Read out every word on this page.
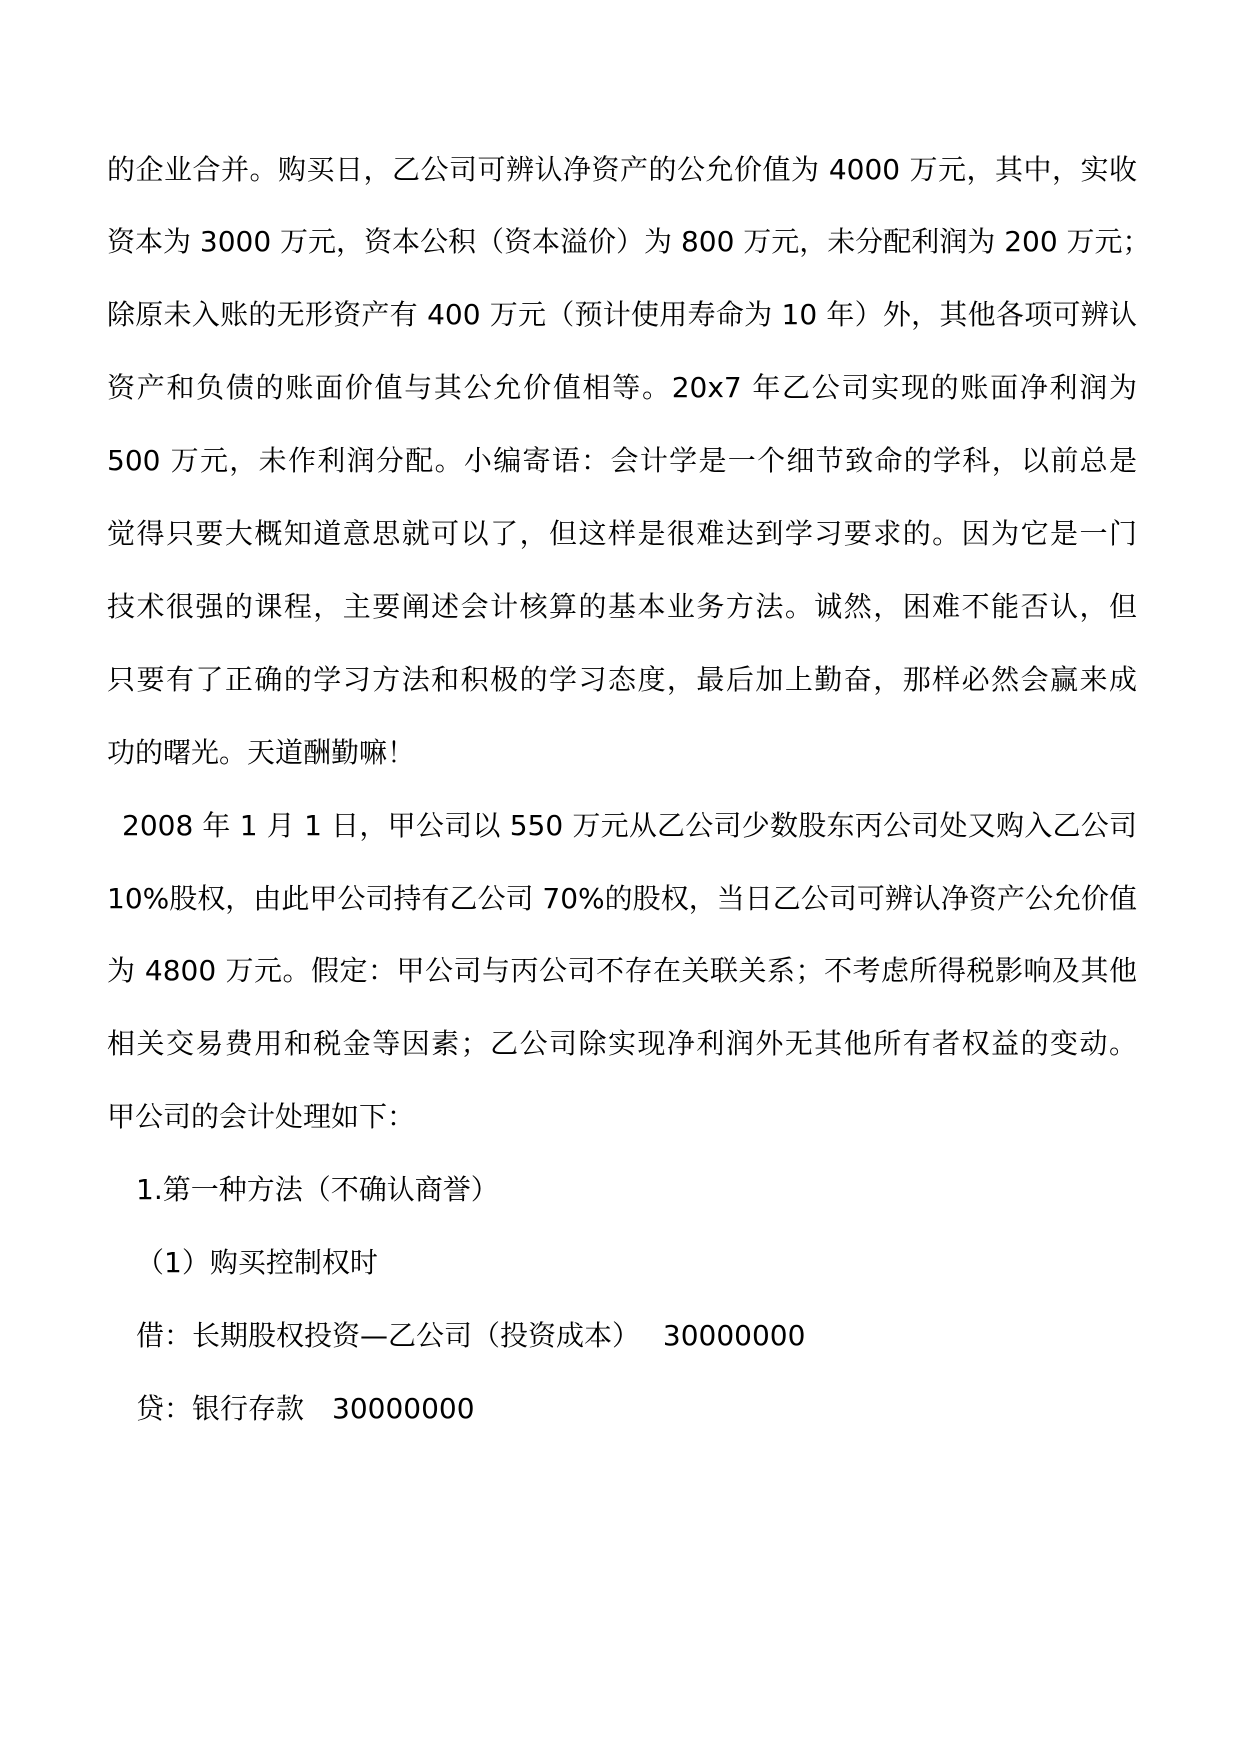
的企业合并。购买日，乙公司可辨认净资产的公允价值为 4000 万元，其中，实收
资本为 3000 万元，资本公积（资本溢价）为 800 万元，未分配利润为 200 万元；
除原未入账的无形资产有 400 万元（预计使用寿命为 10 年）外，其他各项可辨认
资产和负债的账面价值与其公允价值相等。20x7 年乙公司实现的账面净利润为
500 万元，未作利润分配。小编寄语：会计学是一个细节致命的学科，以前总是
觉得只要大概知道意思就可以了，但这样是很难达到学习要求的。因为它是一门
技术很强的课程，主要阐述会计核算的基本业务方法。诚然，困难不能否认，但
只要有了正确的学习方法和积极的学习态度，最后加上勤奋，那样必然会赢来成
功的曙光。天道酬勤嘛！
2008 年 1 月 1 日，甲公司以 550 万元从乙公司少数股东丙公司处又购入乙公司
10%股权，由此甲公司持有乙公司 70%的股权，当日乙公司可辨认净资产公允价值
为 4800 万元。假定：甲公司与丙公司不存在关联关系；不考虑所得税影响及其他
相关交易费用和税金等因素；乙公司除实现净利润外无其他所有者权益的变动。
甲公司的会计处理如下：
1.第一种方法（不确认商誉）
（1）购买控制权时
借：长期股权投资—乙公司（投资成本）　 30000000
贷：银行存款　30000000
